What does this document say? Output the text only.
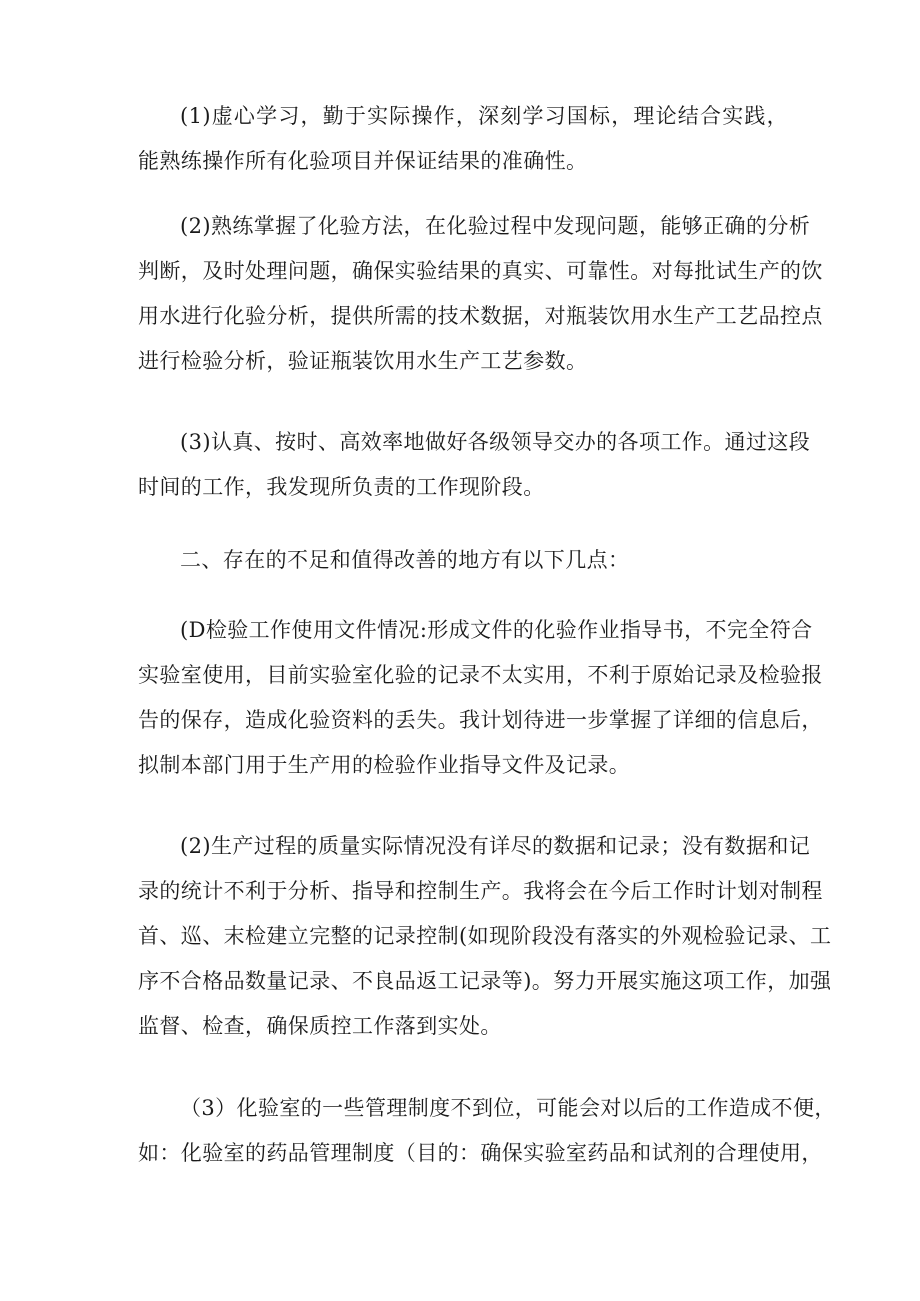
(1)虚心学习，勤于实际操作，深刻学习国标，理论结合实践，
能熟练操作所有化验项目并保证结果的准确性。

(2)熟练掌握了化验方法，在化验过程中发现问题，能够正确的分析
判断，及时处理问题，确保实验结果的真实、可靠性。对每批试生产的饮
用水进行化验分析，提供所需的技术数据，对瓶装饮用水生产工艺品控点
进行检验分析，验证瓶装饮用水生产工艺参数。

(3)认真、按时、高效率地做好各级领导交办的各项工作。通过这段
时间的工作，我发现所负责的工作现阶段。

二、存在的不足和值得改善的地方有以下几点：

(D检验工作使用文件情况:形成文件的化验作业指导书，不完全符合
实验室使用，目前实验室化验的记录不太实用，不利于原始记录及检验报
告的保存，造成化验资料的丢失。我计划待进一步掌握了详细的信息后，
拟制本部门用于生产用的检验作业指导文件及记录。

(2)生产过程的质量实际情况没有详尽的数据和记录；没有数据和记
录的统计不利于分析、指导和控制生产。我将会在今后工作时计划对制程
首、巡、末检建立完整的记录控制(如现阶段没有落实的外观检验记录、工
序不合格品数量记录、不良品返工记录等)。努力开展实施这项工作，加强
监督、检查，确保质控工作落到实处。

（3）化验室的一些管理制度不到位，可能会对以后的工作造成不便，
如：化验室的药品管理制度（目的：确保实验室药品和试剂的合理使用，
